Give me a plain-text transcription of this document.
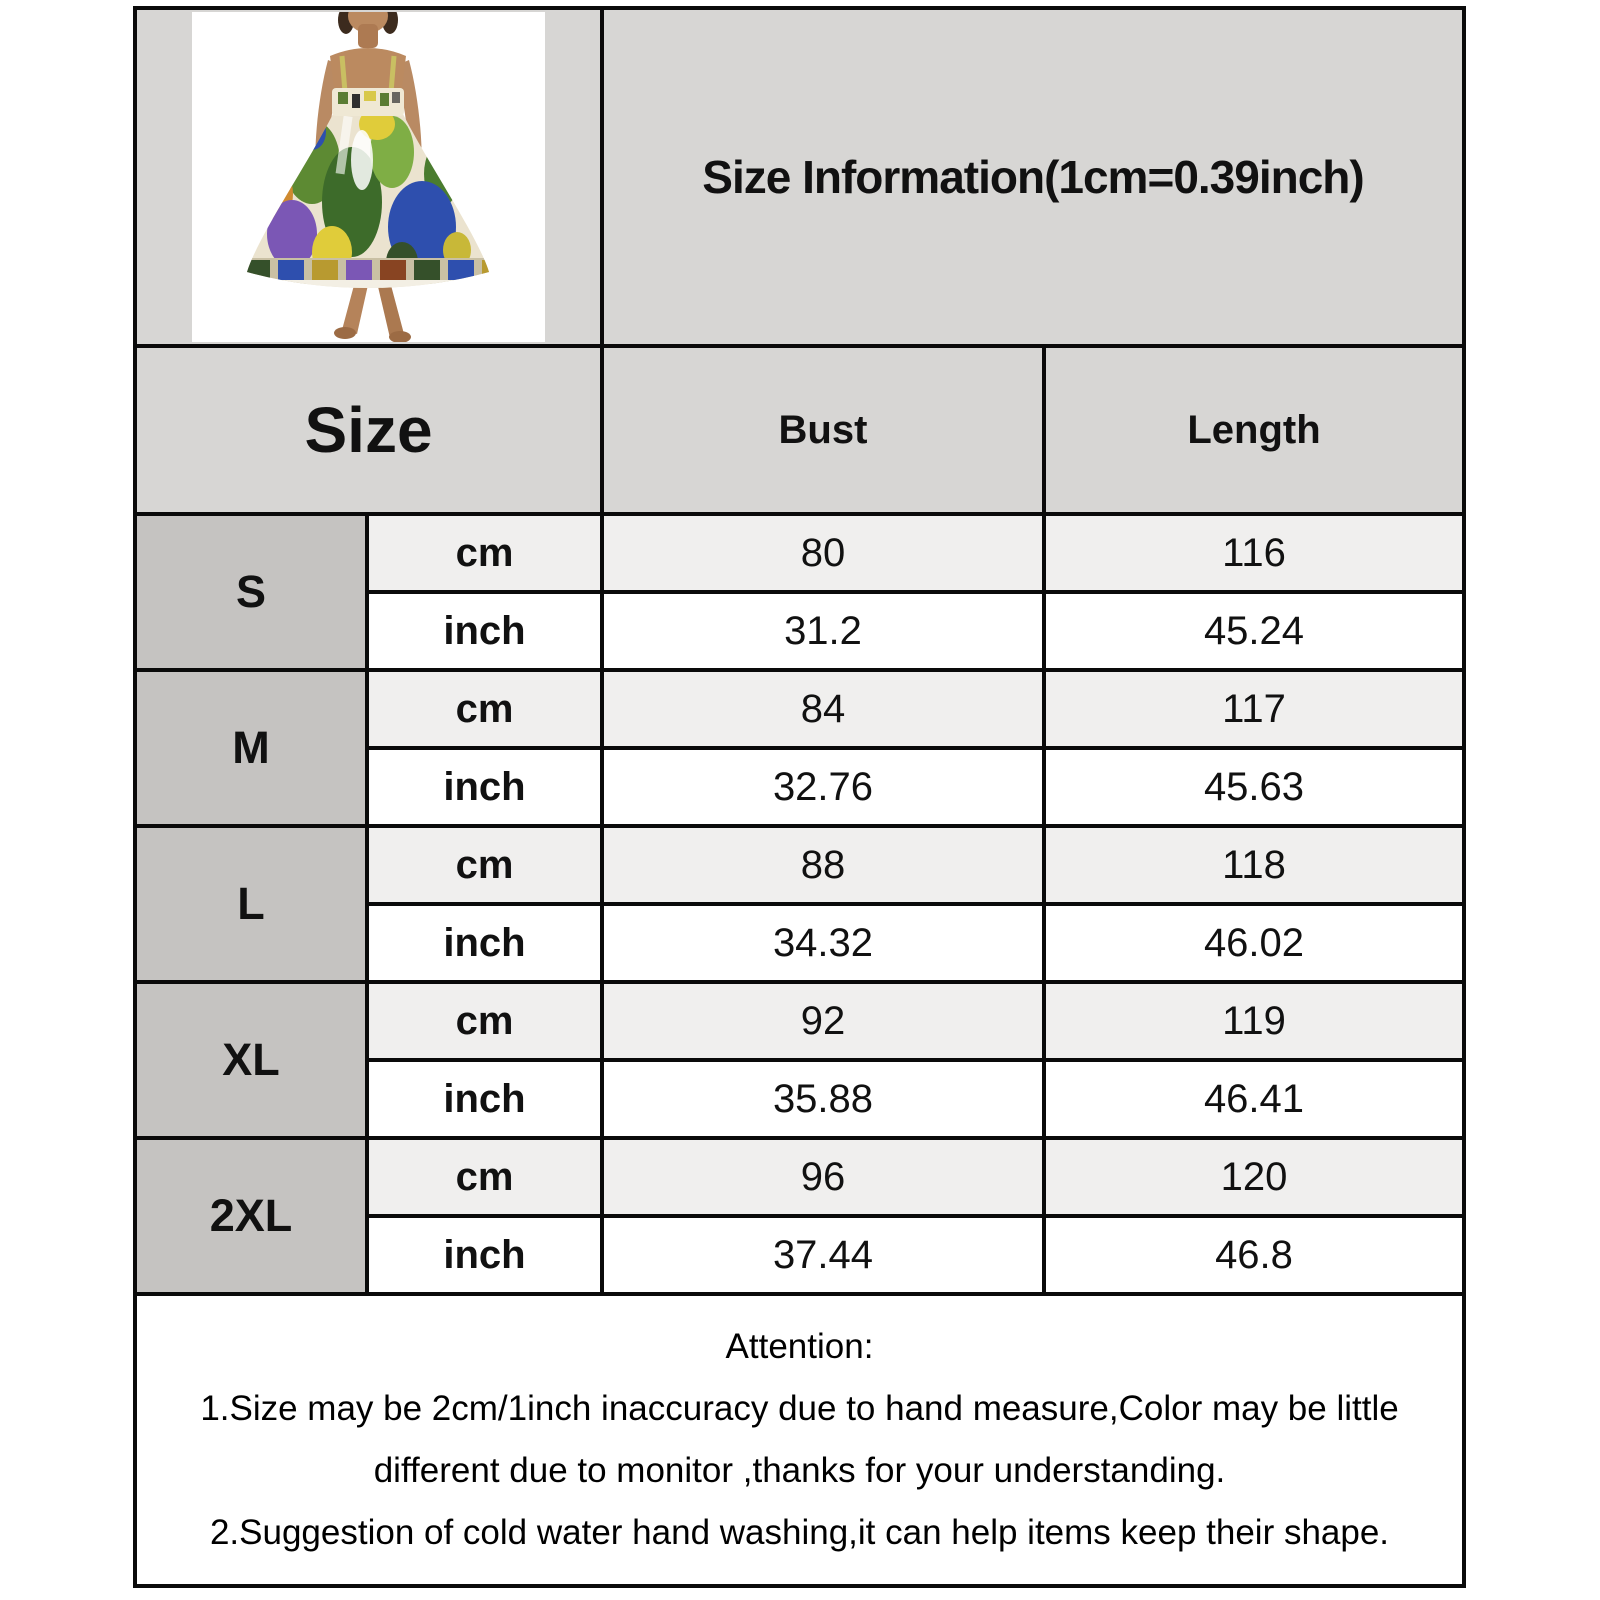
	Size Information(1cm=0.39inch)	
Size		Bust	Length
S	cm	80	116
	inch	31.2	45.24
M	cm	84	117
	inch	32.76	45.63
L	cm	88	118
	inch	34.32	46.02
XL	cm	92	119
	inch	35.88	46.41
2XL	cm	96	120
	inch	37.44	46.8

Attention:
1.Size may be 2cm/1inch inaccuracy due to hand measure,Color may be little
different due to monitor ,thanks for your understanding.
2.Suggestion of cold water hand washing,it can help items keep their shape.			
